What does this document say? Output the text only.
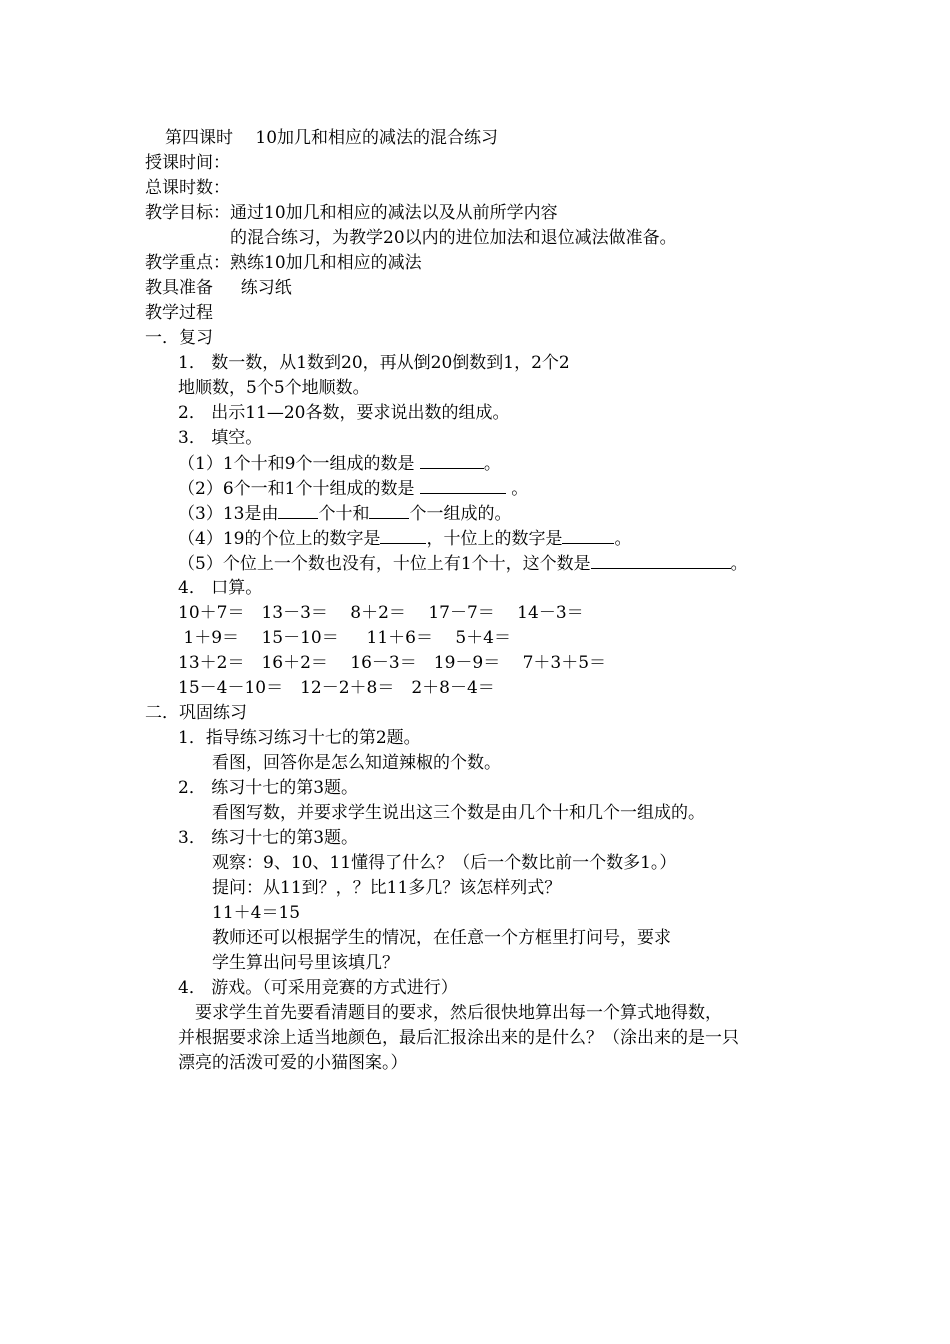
第四课时　 10加几和相应的减法的混合练习
授课时间：
总课时数：
教学目标：通过10加几和相应的减法以及从前所学内容
的混合练习，为教学20以内的进位加法和退位减法做准备。
教学重点：熟练10加几和相应的减法
教具准备 　 练习纸
教学过程
一．复习
1． 数一数，从1数到20，再从倒20倒数到1，2个2
地顺数，5个5个地顺数。
2． 出示11—20各数，要求说出数的组成。
3． 填空。
（1）1个十和9个一组成的数是	。
（2）6个一和1个十组成的数是	。
（3）13是由 个十和 个一组成的。
（4）19的个位上的数字是	，十位上的数字是	。
（5）个位上一个数也没有，十位上有1个十，这个数是	。
4． 口算。
10＋7＝　13－3＝　 8＋2＝ 　17－7＝ 　14－3＝
1＋9＝ 　15－10＝ 　 11＋6＝ 　5＋4＝
13＋2＝　16＋2＝　 16－3＝　19－9＝ 　7＋3＋5＝
15－4－10＝　12－2＋8＝　2＋8－4＝
二．巩固练习
1．指导练习练习十七的第2题。
看图，回答你是怎么知道辣椒的个数。
2． 练习十七的第3题。
看图写数，并要求学生说出这三个数是由几个十和几个一组成的。
3． 练习十七的第3题。
观察：9、10、11懂得了什么？（后一个数比前一个数多1。）
提问：从11到？，？比11多几？该怎样列式？
11＋4＝15
教师还可以根据学生的情况，在任意一个方框里打问号，要求
学生算出问号里该填几？
4． 游戏。（可采用竞赛的方式进行）
　要求学生首先要看清题目的要求，然后很快地算出每一个算式地得数，
并根据要求涂上适当地颜色，最后汇报涂出来的是什么？（涂出来的是一只
漂亮的活泼可爱的小猫图案。）
